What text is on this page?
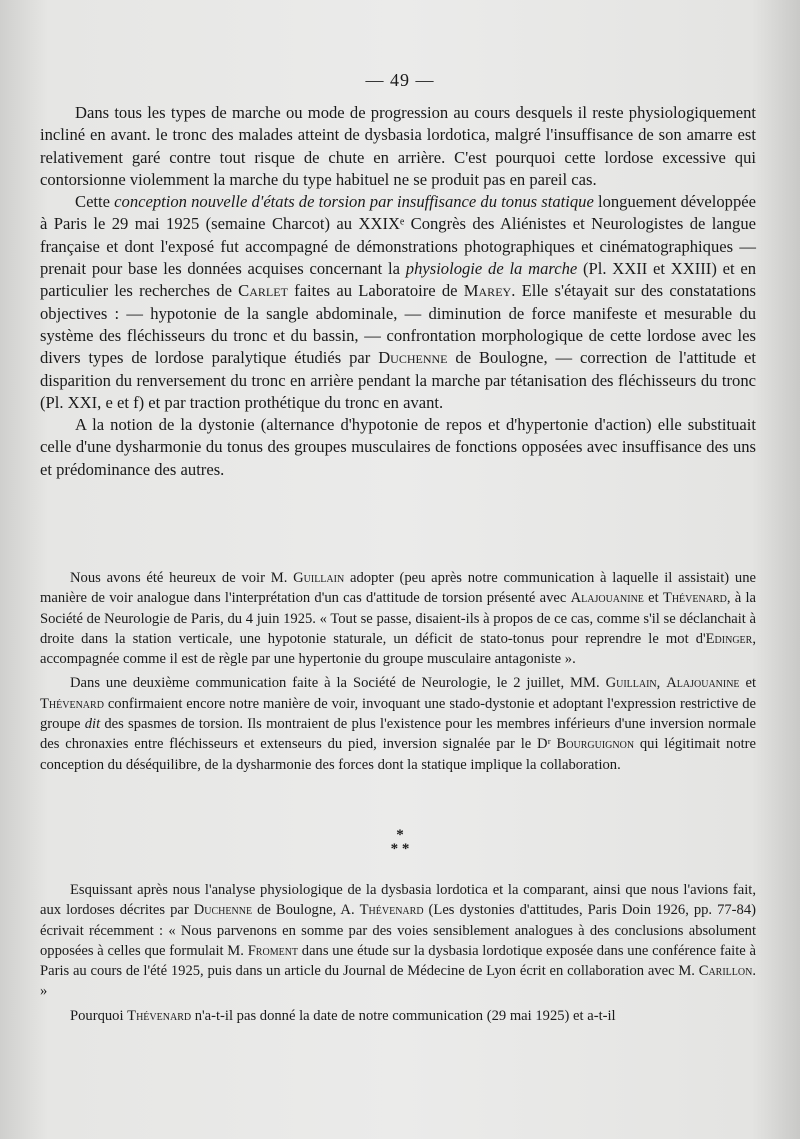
— 49 —

Dans tous les types de marche ou mode de progression au cours desquels il reste physiologiquement incliné en avant. le tronc des malades atteint de dysbasia lordotica, malgré l'insuffisance de son amarre est relativement garé contre tout risque de chute en arrière. C'est pourquoi cette lordose excessive qui contorsionne violemment la marche du type habituel ne se produit pas en pareil cas.

Cette conception nouvelle d'états de torsion par insuffisance du tonus statique longuement développée à Paris le 29 mai 1925 (semaine Charcot) au XXIXᵉ Congrès des Aliénistes et Neurologistes de langue française et dont l'exposé fut accompagné de démonstrations photographiques et cinématographiques — prenait pour base les données acquises concernant la physiologie de la marche (Pl. XXII et XXIII) et en particulier les recherches de Carlet faites au Laboratoire de Marey. Elle s'étayait sur des constatations objectives : — hypotonie de la sangle abdominale, — diminution de force manifeste et mesurable du système des fléchisseurs du tronc et du bassin, — confrontation morphologique de cette lordose avec les divers types de lordose paralytique étudiés par Duchenne de Boulogne, — correction de l'attitude et disparition du renversement du tronc en arrière pendant la marche par tétanisation des fléchisseurs du tronc (Pl. XXI, e et f) et par traction prothétique du tronc en avant.

A la notion de la dystonie (alternance d'hypotonie de repos et d'hypertonie d'action) elle substituait celle d'une dysharmonie du tonus des groupes musculaires de fonctions opposées avec insuffisance des uns et prédominance des autres.

Nous avons été heureux de voir M. Guillain adopter (peu après notre communication à laquelle il assistait) une manière de voir analogue dans l'interprétation d'un cas d'attitude de torsion présenté avec Alajouanine et Thévenard, à la Société de Neurologie de Paris, du 4 juin 1925. « Tout se passe, disaient-ils à propos de ce cas, comme s'il se déclanchait à droite dans la station verticale, une hypotonie staturale, un déficit de stato-tonus pour reprendre le mot d'Edinger, accompagnée comme il est de règle par une hypertonie du groupe musculaire antagoniste ».

Dans une deuxième communication faite à la Société de Neurologie, le 2 juillet, MM. Guillain, Alajouanine et Thévenard confirmaient encore notre manière de voir, invoquant une stado-dystonie et adoptant l'expression restrictive de groupe dit des spasmes de torsion. Ils montraient de plus l'existence pour les membres inférieurs d'une inversion normale des chronaxies entre fléchisseurs et extenseurs du pied, inversion signalée par le Dʳ Bourguignon qui légitimait notre conception du déséquilibre, de la dysharmonie des forces dont la statique implique la collaboration.

*
* *

Esquissant après nous l'analyse physiologique de la dysbasia lordotica et la comparant, ainsi que nous l'avions fait, aux lordoses décrites par Duchenne de Boulogne, A. Thévenard (Les dystonies d'attitudes, Paris Doin 1926, pp. 77-84) écrivait récemment : « Nous parvenons en somme par des voies sensiblement analogues à des conclusions absolument opposées à celles que formulait M. Froment dans une étude sur la dysbasia lordotique exposée dans une conférence faite à Paris au cours de l'été 1925, puis dans un article du Journal de Médecine de Lyon écrit en collaboration avec M. Carillon. »

Pourquoi Thévenard n'a-t-il pas donné la date de notre communication (29 mai 1925) et a-t-il
